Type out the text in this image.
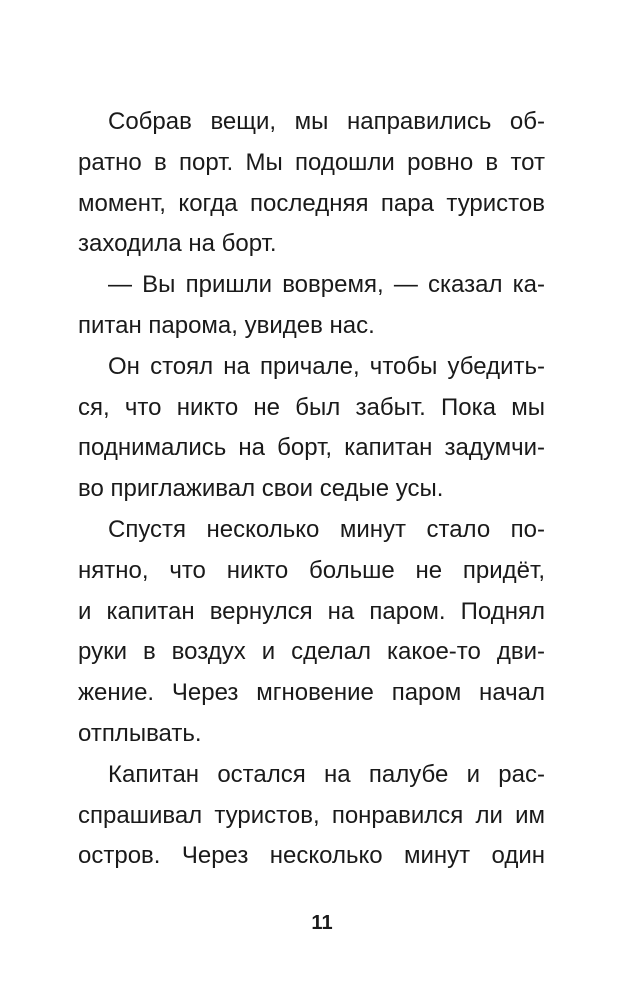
Собрав вещи, мы направились об-
ратно в порт. Мы подошли ровно в тот
момент, когда последняя пара туристов
заходила на борт.

— Вы пришли вовремя, — сказал ка-
питан парома, увидев нас.

Он стоял на причале, чтобы убедить-
ся, что никто не был забыт. Пока мы
поднимались на борт, капитан задумчи-
во приглаживал свои седые усы.

Спустя несколько минут стало по-
нятно, что никто больше не придёт,
и капитан вернулся на паром. Поднял
руки в воздух и сделал какое-то дви-
жение. Через мгновение паром начал
отплывать.

Капитан остался на палубе и рас-
спрашивал туристов, понравился ли им
остров. Через несколько минут один

11
